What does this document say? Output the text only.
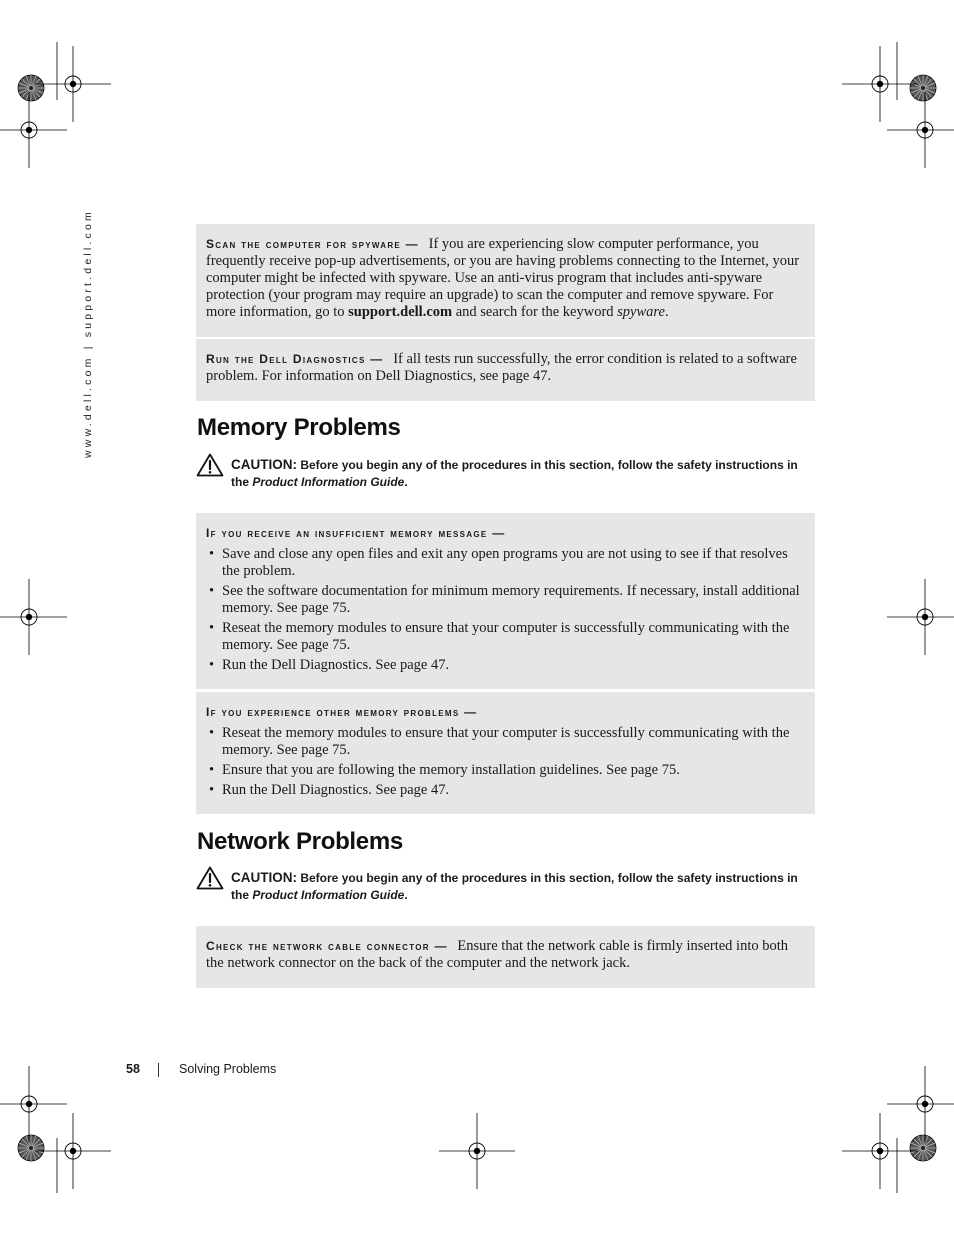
www.dell.com | support.dell.com	Scan the computer for spyware — If you are experiencing slow computer performance, you frequently receive pop-up advertisements, or you are having problems connecting to the Internet, your computer might be infected with spyware. Use an anti-virus program that includes anti-spyware protection (your program may require an upgrade) to scan the computer and remove spyware. For more information, go to support.dell.com and search for the keyword spyware.
Run the Dell Diagnostics — If all tests run successfully, the error condition is related to a software problem. For information on Dell Diagnostics, see page 47.
Memory Problems
CAUTION: Before you begin any of the procedures in this section, follow the safety instructions in the Product Information Guide.
If you receive an insufficient memory message —
• Save and close any open files and exit any open programs you are not using to see if that resolves the problem.
• See the software documentation for minimum memory requirements. If necessary, install additional memory. See page 75.
• Reseat the memory modules to ensure that your computer is successfully communicating with the memory. See page 75.
• Run the Dell Diagnostics. See page 47.
If you experience other memory problems —
• Reseat the memory modules to ensure that your computer is successfully communicating with the memory. See page 75.
• Ensure that you are following the memory installation guidelines. See page 75.
• Run the Dell Diagnostics. See page 47.
Network Problems
CAUTION: Before you begin any of the procedures in this section, follow the safety instructions in the Product Information Guide.
Check the network cable connector — Ensure that the network cable is firmly inserted into both the network connector on the back of the computer and the network jack.
58	Solving Problems
